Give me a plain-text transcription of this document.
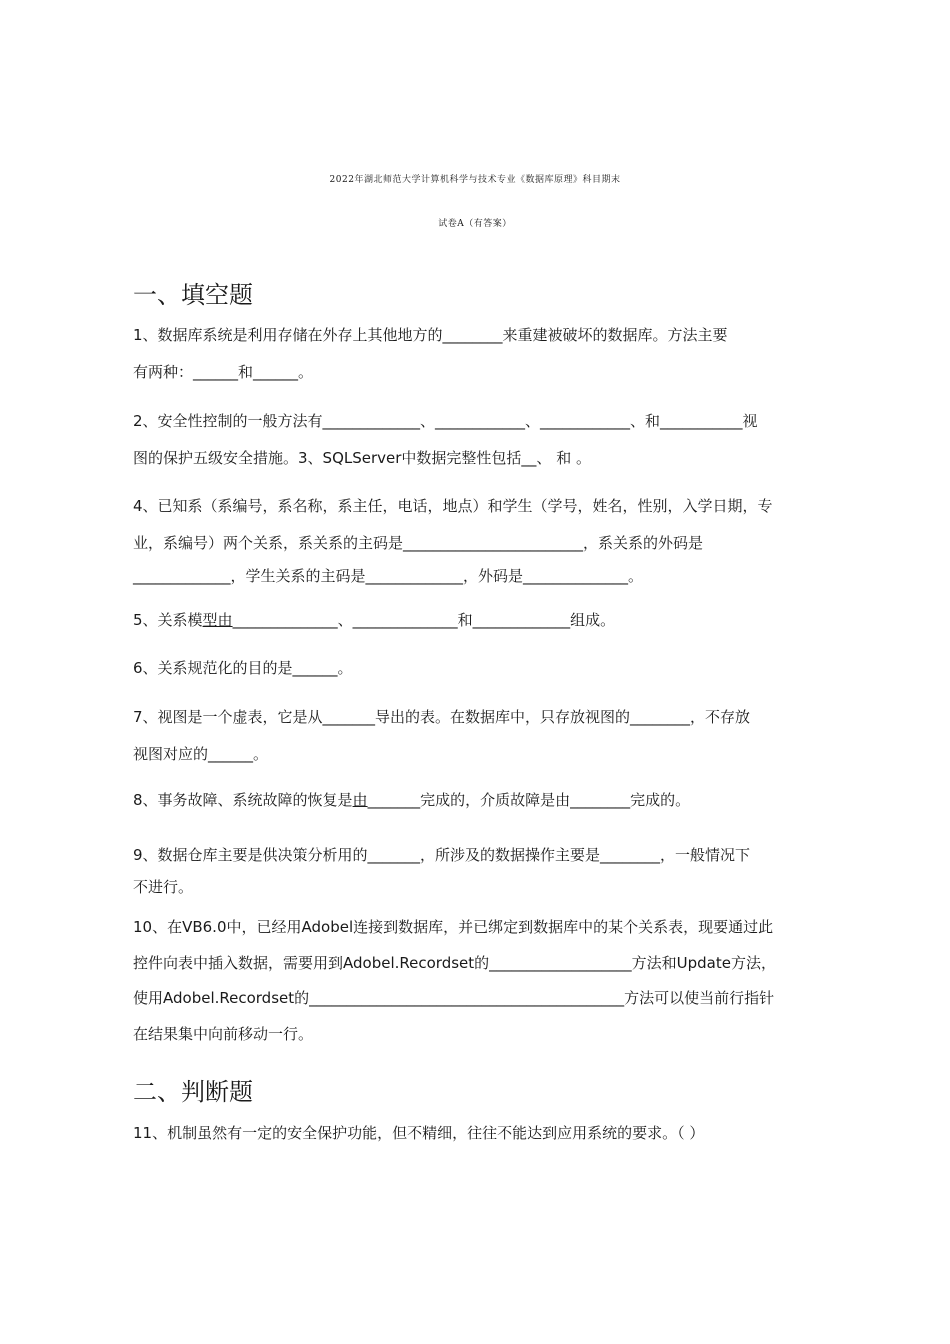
2022年湖北师范大学计算机科学与技术专业《数据库原理》科目期末
试卷A（有答案）
一、填空题
1、数据库系统是利用存储在外存上其他地方的________来重建被破坏的数据库。方法主要
有两种：______和______。
2、安全性控制的一般方法有_____________、____________、____________、和___________视
图的保护五级安全措施。3、SQLServer中数据完整性包括__、 和 。
4、已知系（系编号，系名称，系主任，电话，地点）和学生（学号，姓名，性别，入学日期，专
业，系编号）两个关系，系关系的主码是________________________，系关系的外码是
_____________，学生关系的主码是_____________，外码是______________。
5、关系模型由______________、______________和_____________组成。
6、关系规范化的目的是______。
7、视图是一个虚表，它是从_______导出的表。在数据库中，只存放视图的________，不存放
视图对应的______。
8、事务故障、系统故障的恢复是由_______完成的，介质故障是由________完成的。
9、数据仓库主要是供决策分析用的_______，所涉及的数据操作主要是________，一般情况下
不进行。
10、在VB6.0中，已经用Adobel连接到数据库，并已绑定到数据库中的某个关系表，现要通过此
控件向表中插入数据，需要用到Adobel.Recordset的___________________方法和Update方法，
使用Adobel.Recordset的__________________________________________方法可以使当前行指针
在结果集中向前移动一行。
二、判断题
11、机制虽然有一定的安全保护功能，但不精细，往往不能达到应用系统的要求。（ ）
